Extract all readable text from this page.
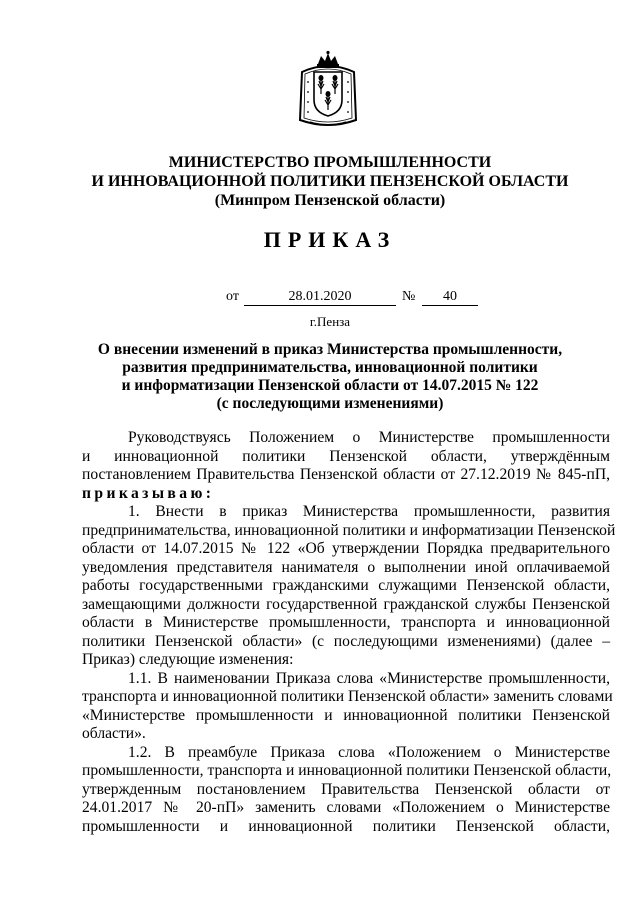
МИНИСТЕРСТВО ПРОМЫШЛЕННОСТИ
И ИННОВАЦИОННОЙ ПОЛИТИКИ ПЕНЗЕНСКОЙ ОБЛАСТИ
(Минпром Пензенской области)
ПРИКАЗ
от	28.01.2020	№	40
г.Пенза
О внесении изменений в приказ Министерства промышленности,
развития предпринимательства, инновационной политики
и информатизации Пензенской области от 14.07.2015 № 122
(с последующими изменениями)
Руководствуясь Положением о Министерстве промышленности
и инновационной политики Пензенской области, утверждённым
постановлением Правительства Пензенской области от 27.12.2019 № 845-пП,
приказываю:
1. Внести в приказ Министерства промышленности, развития
предпринимательства, инновационной политики и информатизации Пензенской
области от 14.07.2015 № 122 «Об утверждении Порядка предварительного
уведомления представителя нанимателя о выполнении иной оплачиваемой
работы государственными гражданскими служащими Пензенской области,
замещающими должности государственной гражданской службы Пензенской
области в Министерстве промышленности, транспорта и инновационной
политики Пензенской области» (с последующими изменениями) (далее –
Приказ) следующие изменения:
1.1. В наименовании Приказа слова «Министерстве промышленности,
транспорта и инновационной политики Пензенской области» заменить словами
«Министерстве промышленности и инновационной политики Пензенской
области».
1.2. В преамбуле Приказа слова «Положением о Министерстве
промышленности, транспорта и инновационной политики Пензенской области,
утвержденным постановлением Правительства Пензенской области от
24.01.2017 № 20-пП» заменить словами «Положением о Министерстве
промышленности и инновационной политики Пензенской области,
